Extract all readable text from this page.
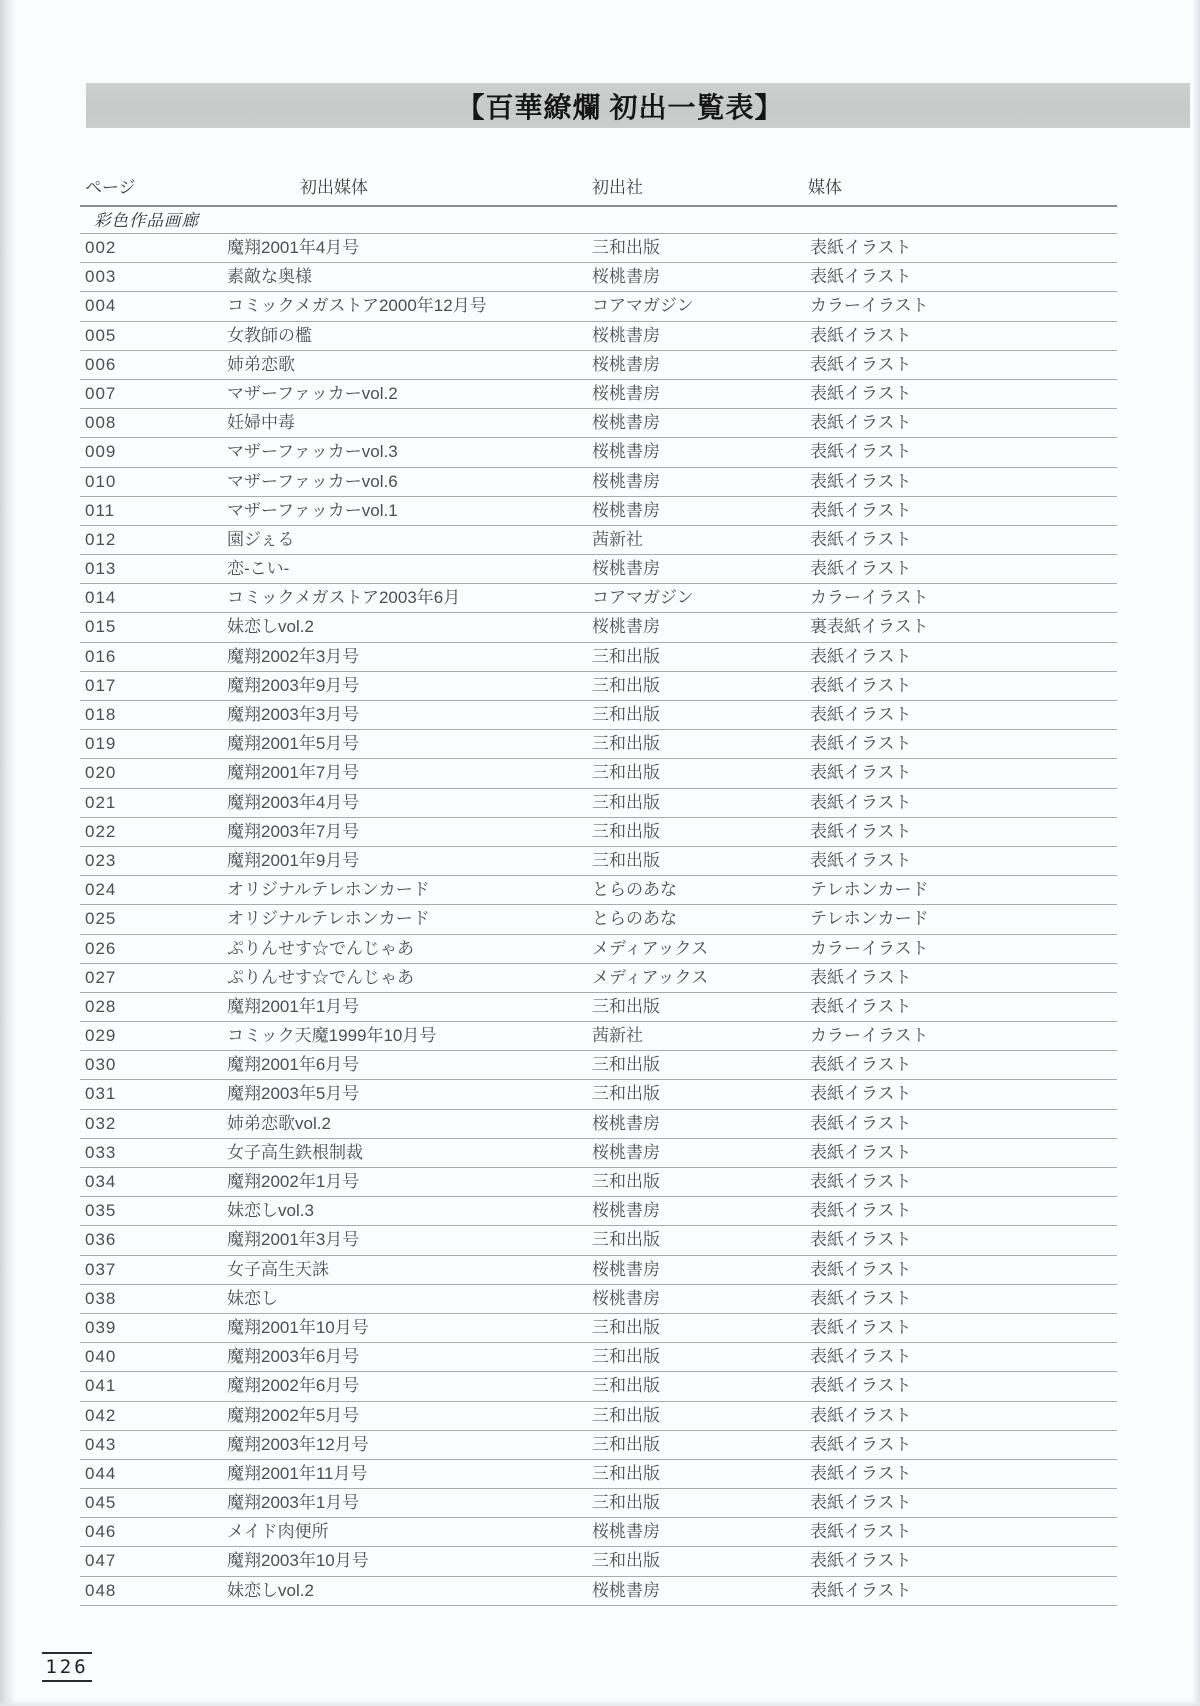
【百華繚爛 初出一覧表】
ページ	初出媒体	初出社	媒体
彩色作品画廊
002	魔翔2001年4月号	三和出版	表紙イラスト
003	素敵な奥様	桜桃書房	表紙イラスト
004	コミックメガストア2000年12月号	コアマガジン	カラーイラスト
005	女教師の檻	桜桃書房	表紙イラスト
006	姉弟恋歌	桜桃書房	表紙イラスト
007	マザーファッカーvol.2	桜桃書房	表紙イラスト
008	妊婦中毒	桜桃書房	表紙イラスト
009	マザーファッカーvol.3	桜桃書房	表紙イラスト
010	マザーファッカーvol.6	桜桃書房	表紙イラスト
011	マザーファッカーvol.1	桜桃書房	表紙イラスト
012	園ジぇる	茜新社	表紙イラスト
013	恋-こい-	桜桃書房	表紙イラスト
014	コミックメガストア2003年6月	コアマガジン	カラーイラスト
015	妹恋しvol.2	桜桃書房	裏表紙イラスト
016	魔翔2002年3月号	三和出版	表紙イラスト
017	魔翔2003年9月号	三和出版	表紙イラスト
018	魔翔2003年3月号	三和出版	表紙イラスト
019	魔翔2001年5月号	三和出版	表紙イラスト
020	魔翔2001年7月号	三和出版	表紙イラスト
021	魔翔2003年4月号	三和出版	表紙イラスト
022	魔翔2003年7月号	三和出版	表紙イラスト
023	魔翔2001年9月号	三和出版	表紙イラスト
024	オリジナルテレホンカード	とらのあな	テレホンカード
025	オリジナルテレホンカード	とらのあな	テレホンカード
026	ぷりんせす☆でんじゃあ	メディアックス	カラーイラスト
027	ぷりんせす☆でんじゃあ	メディアックス	表紙イラスト
028	魔翔2001年1月号	三和出版	表紙イラスト
029	コミック天魔1999年10月号	茜新社	カラーイラスト
030	魔翔2001年6月号	三和出版	表紙イラスト
031	魔翔2003年5月号	三和出版	表紙イラスト
032	姉弟恋歌vol.2	桜桃書房	表紙イラスト
033	女子高生鉄根制裁	桜桃書房	表紙イラスト
034	魔翔2002年1月号	三和出版	表紙イラスト
035	妹恋しvol.3	桜桃書房	表紙イラスト
036	魔翔2001年3月号	三和出版	表紙イラスト
037	女子高生天誅	桜桃書房	表紙イラスト
038	妹恋し	桜桃書房	表紙イラスト
039	魔翔2001年10月号	三和出版	表紙イラスト
040	魔翔2003年6月号	三和出版	表紙イラスト
041	魔翔2002年6月号	三和出版	表紙イラスト
042	魔翔2002年5月号	三和出版	表紙イラスト
043	魔翔2003年12月号	三和出版	表紙イラスト
044	魔翔2001年11月号	三和出版	表紙イラスト
045	魔翔2003年1月号	三和出版	表紙イラスト
046	メイド肉便所	桜桃書房	表紙イラスト
047	魔翔2003年10月号	三和出版	表紙イラスト
048	妹恋しvol.2	桜桃書房	表紙イラスト
126
